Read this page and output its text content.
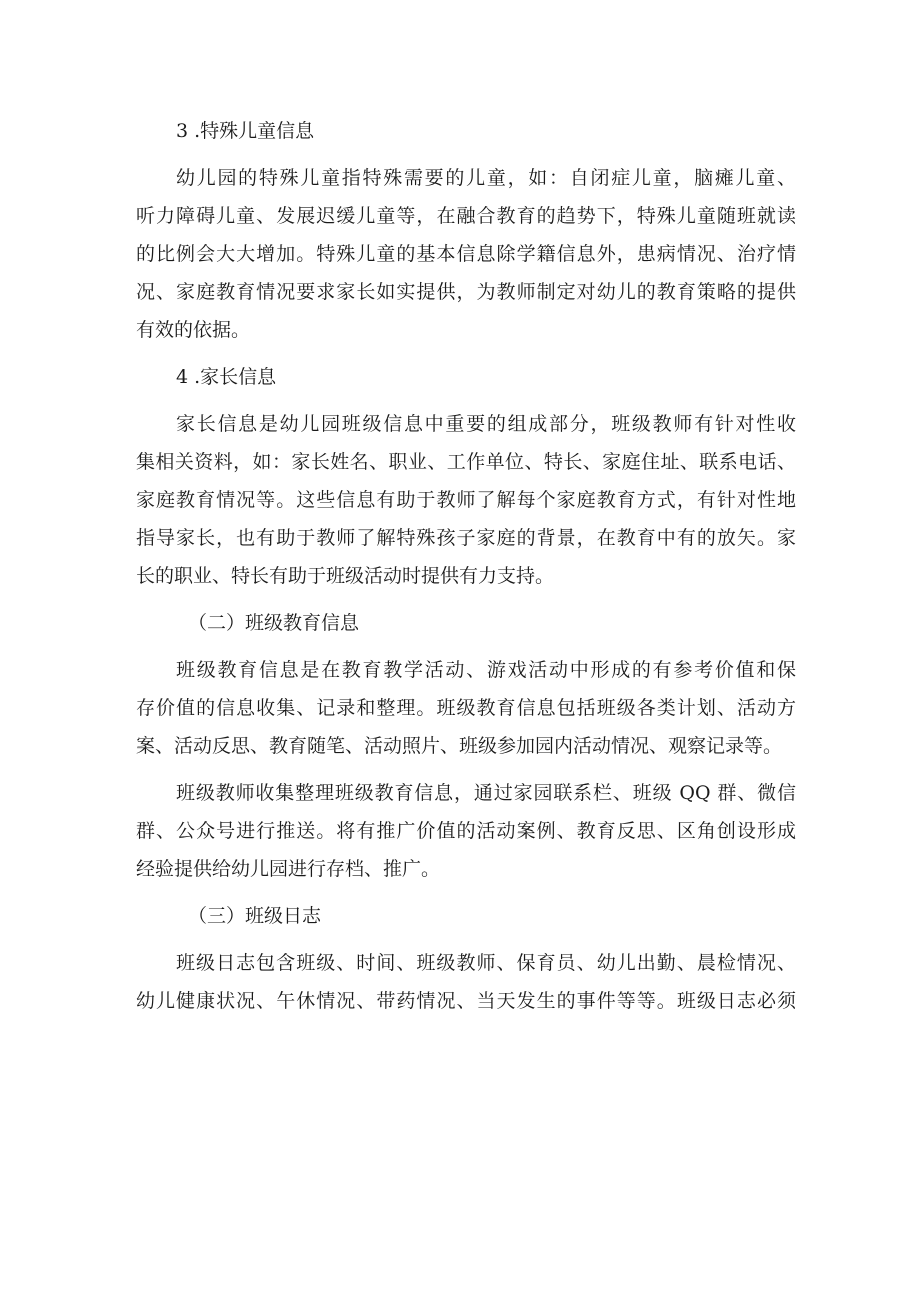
3 .特殊儿童信息
幼儿园的特殊儿童指特殊需要的儿童，如：自闭症儿童，脑瘫儿童、
听力障碍儿童、发展迟缓儿童等，在融合教育的趋势下，特殊儿童随班就读
的比例会大大增加。特殊儿童的基本信息除学籍信息外，患病情况、治疗情
况、家庭教育情况要求家长如实提供，为教师制定对幼儿的教育策略的提供
有效的依据。
4 .家长信息
家长信息是幼儿园班级信息中重要的组成部分，班级教师有针对性收
集相关资料，如：家长姓名、职业、工作单位、特长、家庭住址、联系电话、
家庭教育情况等。这些信息有助于教师了解每个家庭教育方式，有针对性地
指导家长，也有助于教师了解特殊孩子家庭的背景，在教育中有的放矢。家
长的职业、特长有助于班级活动时提供有力支持。
（二）班级教育信息
班级教育信息是在教育教学活动、游戏活动中形成的有参考价值和保
存价值的信息收集、记录和整理。班级教育信息包括班级各类计划、活动方
案、活动反思、教育随笔、活动照片、班级参加园内活动情况、观察记录等。
班级教师收集整理班级教育信息，通过家园联系栏、班级 QQ 群、微信
群、公众号进行推送。将有推广价值的活动案例、教育反思、区角创设形成
经验提供给幼儿园进行存档、推广。
（三）班级日志
班级日志包含班级、时间、班级教师、保育员、幼儿出勤、晨检情况、
幼儿健康状况、午休情况、带药情况、当天发生的事件等等。班级日志必须
